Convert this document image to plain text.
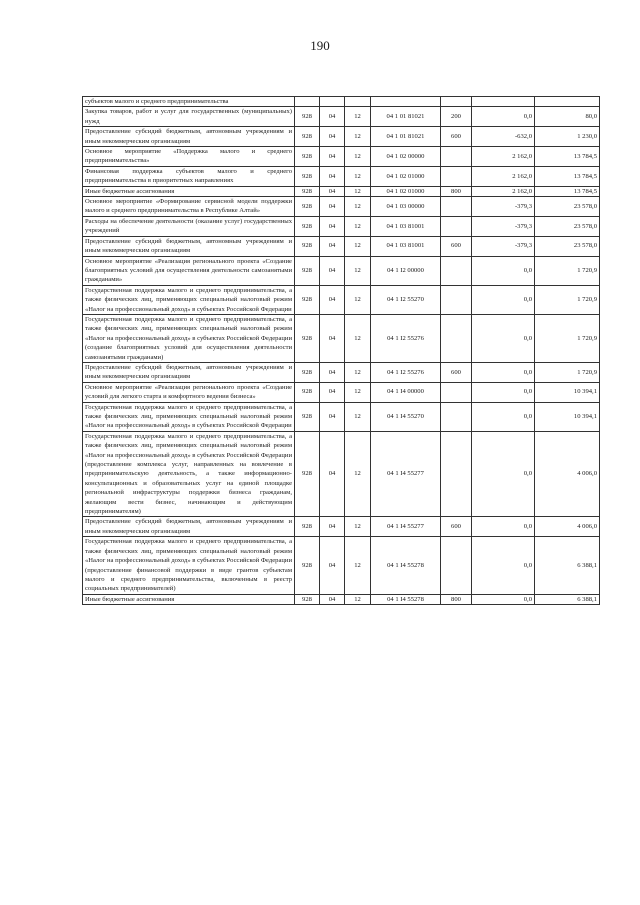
190
субъектов малого и среднего предпринимательства							
Закупка товаров, работ и услуг для государственных (муниципальных) нужд	928	04	12	04 1 01 81021	200	0,0	80,0
Предоставление субсидий бюджетным, автономным учреждениям и иным некоммерческим организациям	928	04	12	04 1 01 81021	600	-632,0	1 230,0
Основное мероприятие «Поддержка малого и среднего предпринимательства»	928	04	12	04 1 02 00000		2 162,0	13 784,5
Финансовая поддержка субъектов малого и среднего предпринимательства в приоритетных направлениях	928	04	12	04 1 02 01000		2 162,0	13 784,5
Иные бюджетные ассигнования	928	04	12	04 1 02 01000	800	2 162,0	13 784,5
Основное мероприятие «Формирование сервисной модели поддержки малого и среднего предпринимательства в Республике Алтай»	928	04	12	04 1 03 00000		-379,3	23 578,0
Расходы на обеспечение деятельности (оказание услуг) государственных учреждений	928	04	12	04 1 03 81001		-379,3	23 578,0
Предоставление субсидий бюджетным, автономным учреждениям и иным некоммерческим организациям	928	04	12	04 1 03 81001	600	-379,3	23 578,0
Основное мероприятие «Реализация регионального проекта «Создание благоприятных условий для осуществления деятельности самозанятыми гражданами»	928	04	12	04 1 I2 00000		0,0	1 720,9
Государственная поддержка малого и среднего предпринимательства, а также физических лиц, применяющих специальный налоговый режим «Налог на профессиональный доход» в субъектах Российской Федерации	928	04	12	04 1 I2 55270		0,0	1 720,9
Государственная поддержка малого и среднего предпринимательства, а также физических лиц, применяющих специальный налоговый режим «Налог на профессиональный доход» в субъектах Российской Федерации (создание благоприятных условий для осуществления деятельности самозанятыми гражданами)	928	04	12	04 1 I2 55276		0,0	1 720,9
Предоставление субсидий бюджетным, автономным учреждениям и иным некоммерческим организациям	928	04	12	04 1 I2 55276	600	0,0	1 720,9
Основное мероприятие «Реализация регионального проекта «Создание условий для легкого старта и комфортного ведения бизнеса»	928	04	12	04 1 I4 00000		0,0	10 394,1
Государственная поддержка малого и среднего предпринимательства, а также физических лиц, применяющих специальный налоговый режим «Налог на профессиональный доход» в субъектах Российской Федерации	928	04	12	04 1 I4 55270		0,0	10 394,1
Государственная поддержка малого и среднего предпринимательства, а также физических лиц, применяющих специальный налоговый режим «Налог на профессиональный доход» в субъектах Российской Федерации (предоставление комплекса услуг, направленных на вовлечение в предпринимательскую деятельность, а также информационно-консультационных и образовательных услуг на единой площадке региональной инфраструктуры поддержки бизнеса гражданам, желающим вести бизнес, начинающим и действующим предпринимателям)	928	04	12	04 1 I4 55277		0,0	4 006,0
Предоставление субсидий бюджетным, автономным учреждениям и иным некоммерческим организациям	928	04	12	04 1 I4 55277	600	0,0	4 006,0
Государственная поддержка малого и среднего предпринимательства, а также физических лиц, применяющих специальный налоговый режим «Налог на профессиональный доход» в субъектах Российской Федерации (предоставление финансовой поддержки в виде грантов субъектам малого и среднего предпринимательства, включенным в реестр социальных предпринимателей)	928	04	12	04 1 I4 55278		0,0	6 388,1
Иные бюджетные ассигнования	928	04	12	04 1 I4 55278	800	0,0	6 388,1
